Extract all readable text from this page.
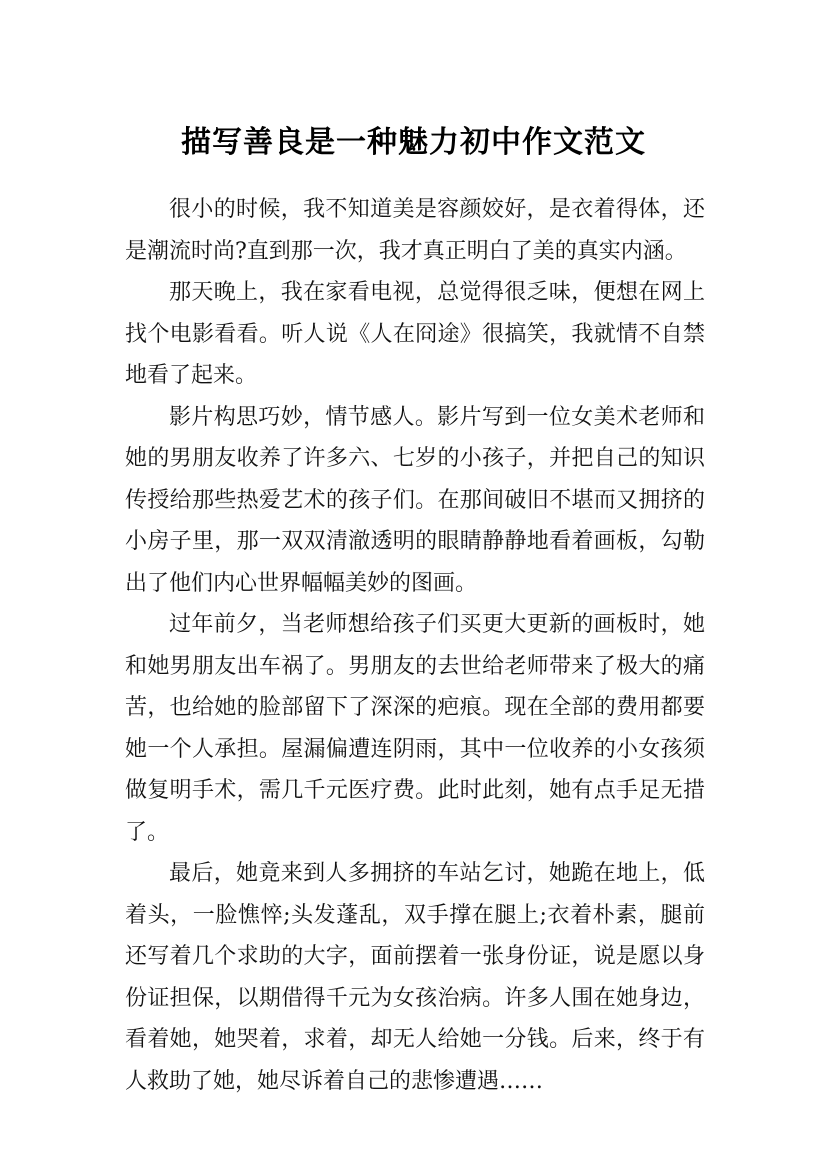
描写善良是一种魅力初中作文范文

很小的时候，我不知道美是容颜姣好，是衣着得体，还是潮流时尚?直到那一次，我才真正明白了美的真实内涵。

那天晚上，我在家看电视，总觉得很乏味，便想在网上找个电影看看。听人说《人在冏途》很搞笑，我就情不自禁地看了起来。

影片构思巧妙，情节感人。影片写到一位女美术老师和她的男朋友收养了许多六、七岁的小孩子，并把自己的知识传授给那些热爱艺术的孩子们。在那间破旧不堪而又拥挤的小房子里，那一双双清澈透明的眼睛静静地看着画板，勾勒出了他们内心世界幅幅美妙的图画。

过年前夕，当老师想给孩子们买更大更新的画板时，她和她男朋友出车祸了。男朋友的去世给老师带来了极大的痛苦，也给她的脸部留下了深深的疤痕。现在全部的费用都要她一个人承担。屋漏偏遭连阴雨，其中一位收养的小女孩须做复明手术，需几千元医疗费。此时此刻，她有点手足无措了。

最后，她竟来到人多拥挤的车站乞讨，她跪在地上，低着头，一脸憔悴;头发蓬乱，双手撑在腿上;衣着朴素，腿前还写着几个求助的大字，面前摆着一张身份证，说是愿以身份证担保，以期借得千元为女孩治病。许多人围在她身边，看着她，她哭着，求着，却无人给她一分钱。后来，终于有人救助了她，她尽诉着自己的悲惨遭遇……
